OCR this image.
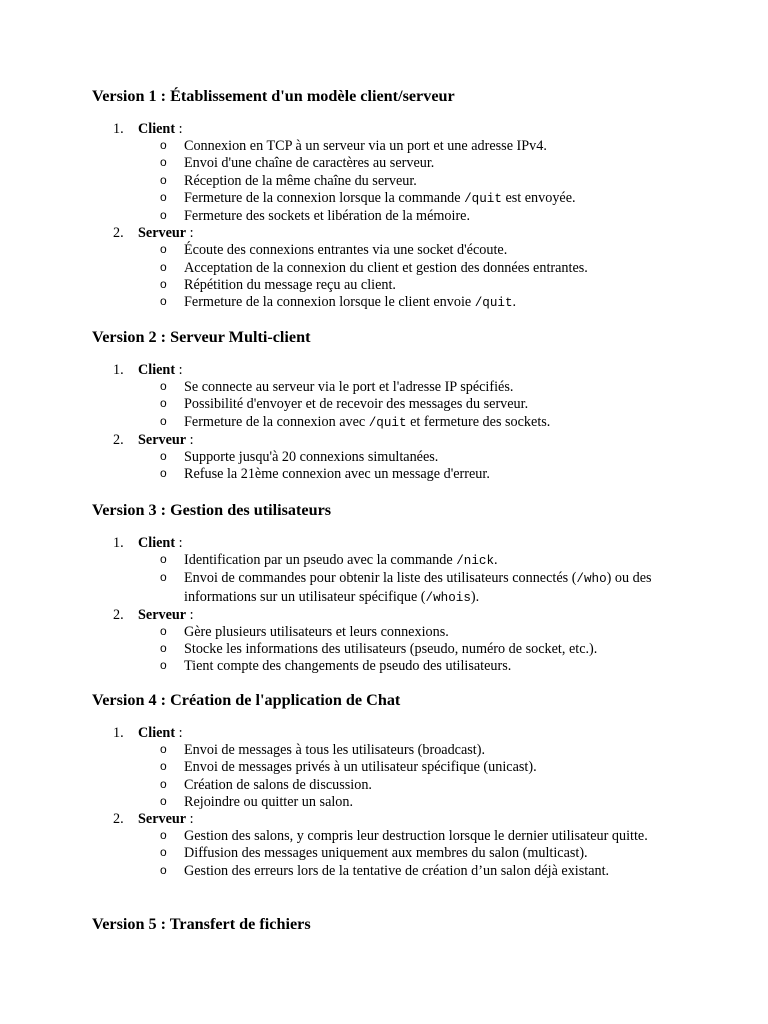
Version 1 : Établissement d'un modèle client/serveur
1. Client :
o Connexion en TCP à un serveur via un port et une adresse IPv4.
o Envoi d'une chaîne de caractères au serveur.
o Réception de la même chaîne du serveur.
o Fermeture de la connexion lorsque la commande /quit est envoyée.
o Fermeture des sockets et libération de la mémoire.
2. Serveur :
o Écoute des connexions entrantes via une socket d'écoute.
o Acceptation de la connexion du client et gestion des données entrantes.
o Répétition du message reçu au client.
o Fermeture de la connexion lorsque le client envoie /quit.
Version 2 : Serveur Multi-client
1. Client :
o Se connecte au serveur via le port et l'adresse IP spécifiés.
o Possibilité d'envoyer et de recevoir des messages du serveur.
o Fermeture de la connexion avec /quit et fermeture des sockets.
2. Serveur :
o Supporte jusqu'à 20 connexions simultanées.
o Refuse la 21ème connexion avec un message d'erreur.
Version 3 : Gestion des utilisateurs
1. Client :
o Identification par un pseudo avec la commande /nick.
o Envoi de commandes pour obtenir la liste des utilisateurs connectés (/who) ou des informations sur un utilisateur spécifique (/whois).
2. Serveur :
o Gère plusieurs utilisateurs et leurs connexions.
o Stocke les informations des utilisateurs (pseudo, numéro de socket, etc.).
o Tient compte des changements de pseudo des utilisateurs.
Version 4 : Création de l'application de Chat
1. Client :
o Envoi de messages à tous les utilisateurs (broadcast).
o Envoi de messages privés à un utilisateur spécifique (unicast).
o Création de salons de discussion.
o Rejoindre ou quitter un salon.
2. Serveur :
o Gestion des salons, y compris leur destruction lorsque le dernier utilisateur quitte.
o Diffusion des messages uniquement aux membres du salon (multicast).
o Gestion des erreurs lors de la tentative de création d’un salon déjà existant.
Version 5 : Transfert de fichiers
